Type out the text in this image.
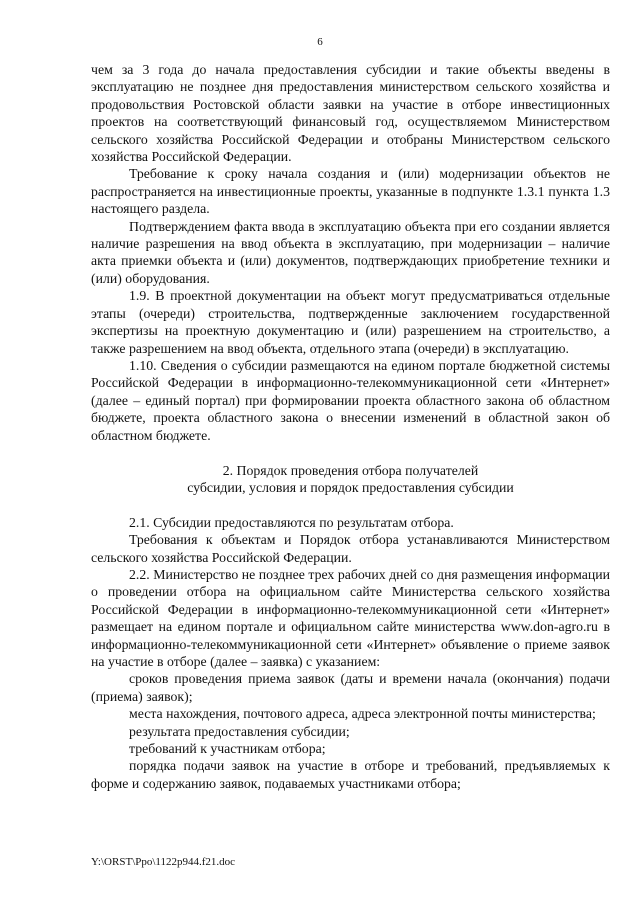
6

чем за 3 года до начала предоставления субсидии и такие объекты введены в эксплуатацию не позднее дня предоставления министерством сельского хозяйства и продовольствия Ростовской области заявки на участие в отборе инвестиционных проектов на соответствующий финансовый год, осуществляемом Министерством сельского хозяйства Российской Федерации и отобраны Министерством сельского хозяйства Российской Федерации.

Требование к сроку начала создания и (или) модернизации объектов не распространяется на инвестиционные проекты, указанные в подпункте 1.3.1 пункта 1.3 настоящего раздела.

Подтверждением факта ввода в эксплуатацию объекта при его создании является наличие разрешения на ввод объекта в эксплуатацию, при модернизации – наличие акта приемки объекта и (или) документов, подтверждающих приобретение техники и (или) оборудования.

1.9. В проектной документации на объект могут предусматриваться отдельные этапы (очереди) строительства, подтвержденные заключением государственной экспертизы на проектную документацию и (или) разрешением на строительство, а также разрешением на ввод объекта, отдельного этапа (очереди) в эксплуатацию.

1.10. Сведения о субсидии размещаются на едином портале бюджетной системы Российской Федерации в информационно-телекоммуникационной сети «Интернет» (далее – единый портал) при формировании проекта областного закона об областном бюджете, проекта областного закона о внесении изменений в областной закон об областном бюджете.

2. Порядок проведения отбора получателей
субсидии, условия и порядок предоставления субсидии

2.1. Субсидии предоставляются по результатам отбора.

Требования к объектам и Порядок отбора устанавливаются Министерством сельского хозяйства Российской Федерации.

2.2. Министерство не позднее трех рабочих дней со дня размещения информации о проведении отбора на официальном сайте Министерства сельского хозяйства Российской Федерации в информационно-телекоммуникационной сети «Интернет» размещает на едином портале и официальном сайте министерства www.don-agro.ru в информационно-телекоммуникационной сети «Интернет» объявление о приеме заявок на участие в отборе (далее – заявка) с указанием:

сроков проведения приема заявок (даты и времени начала (окончания) подачи (приема) заявок);

места нахождения, почтового адреса, адреса электронной почты министерства;

результата предоставления субсидии;

требований к участникам отбора;

порядка подачи заявок на участие в отборе и требований, предъявляемых к форме и содержанию заявок, подаваемых участниками отбора;

Y:\ORST\Ppo\1122p944.f21.doc
